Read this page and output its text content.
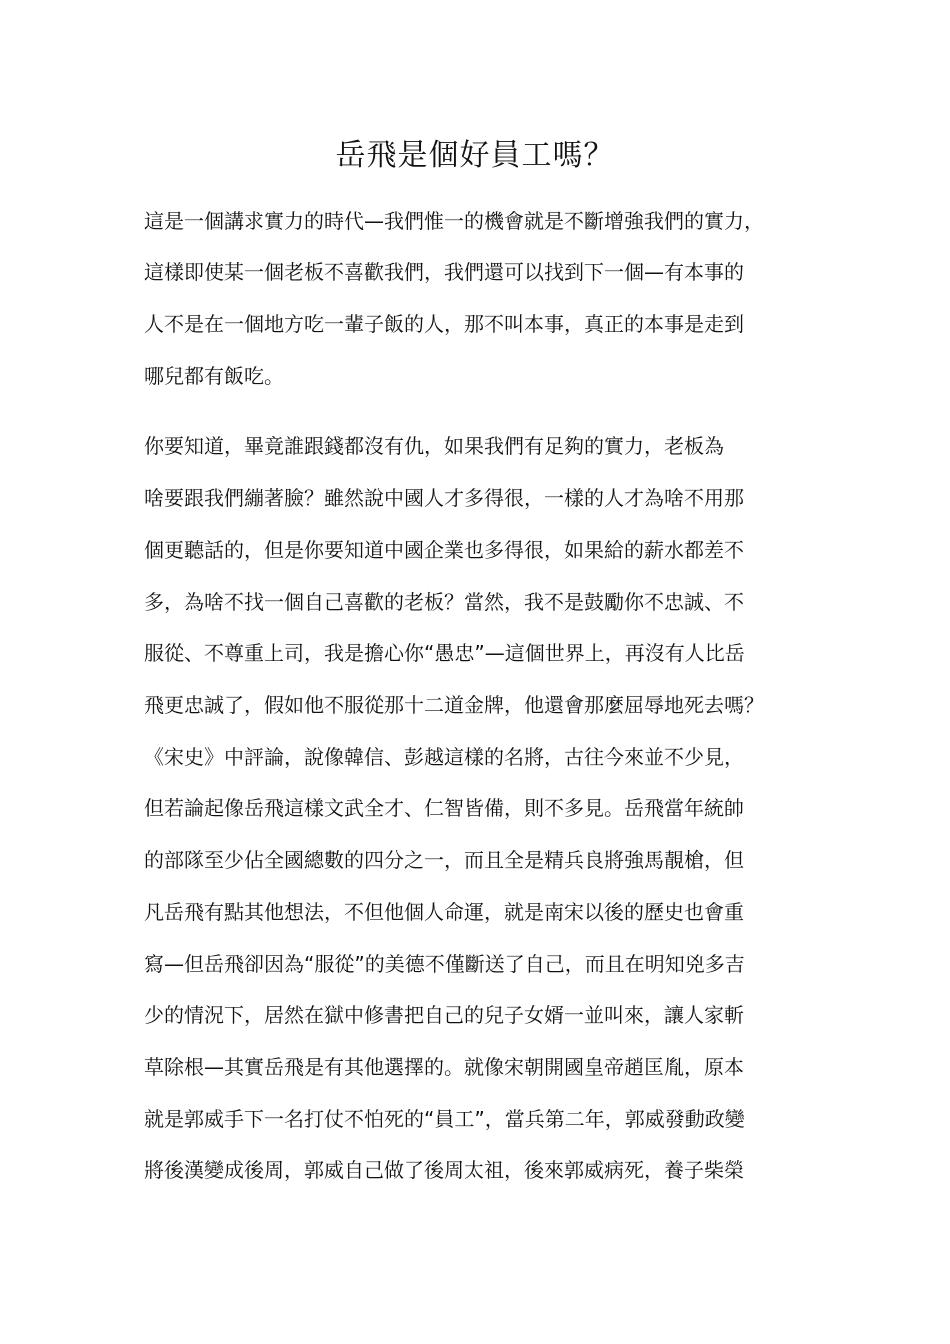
岳飛是個好員工嗎？
這是一個講求實力的時代—我們惟一的機會就是不斷增強我們的實力，
這樣即使某一個老板不喜歡我們，我們還可以找到下一個—有本事的
人不是在一個地方吃一輩子飯的人，那不叫本事，真正的本事是走到
哪兒都有飯吃。
你要知道，畢竟誰跟錢都沒有仇，如果我們有足夠的實力，老板為
啥要跟我們繃著臉？雖然說中國人才多得很，一樣的人才為啥不用那
個更聽話的，但是你要知道中國企業也多得很，如果給的薪水都差不
多，為啥不找一個自己喜歡的老板？當然，我不是鼓勵你不忠誠、不
服從、不尊重上司，我是擔心你“愚忠”—這個世界上，再沒有人比岳
飛更忠誠了，假如他不服從那十二道金牌，他還會那麼屈辱地死去嗎？
《宋史》中評論，說像韓信、彭越這樣的名將，古往今來並不少見，
但若論起像岳飛這樣文武全才、仁智皆備，則不多見。岳飛當年統帥
的部隊至少佔全國總數的四分之一，而且全是精兵良將強馬靚槍，但
凡岳飛有點其他想法，不但他個人命運，就是南宋以後的歷史也會重
寫—但岳飛卻因為“服從”的美德不僅斷送了自己，而且在明知兇多吉
少的情況下，居然在獄中修書把自己的兒子女婿一並叫來，讓人家斬
草除根—其實岳飛是有其他選擇的。就像宋朝開國皇帝趙匡胤，原本
就是郭威手下一名打仗不怕死的“員工”，當兵第二年，郭威發動政變
將後漢變成後周，郭威自己做了後周太祖，後來郭威病死，養子柴榮
